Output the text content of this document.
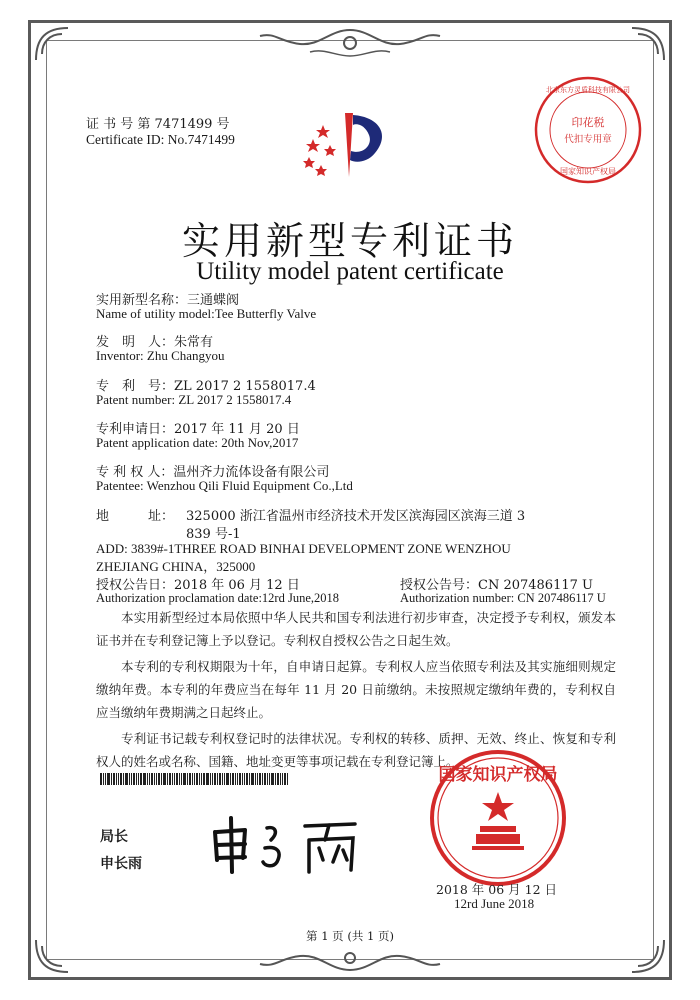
证 书 号 第 7471499 号
Certificate ID: No.7471499
印花税
代扣专用章
北京东方灵盾科技有限公司
国家知识产权局
实用新型专利证书
Utility model patent certificate
实用新型名称：三通蝶阀
Name of utility model:Tee Butterfly Valve
发　明　人：朱常有
Inventor: Zhu Changyou
专　利　号：ZL 2017 2 1558017.4
Patent number: ZL 2017 2 1558017.4
专利申请日：2017 年 11 月 20 日
Patent application date: 20th Nov,2017
专 利 权 人：温州齐力流体设备有限公司
Patentee: Wenzhou Qili Fluid Equipment Co.,Ltd
地　　　址： 325000 浙江省温州市经济技术开发区滨海园区滨海三道 3
839 号-1
ADD: 3839#-1THREE ROAD BINHAI DEVELOPMENT ZONE WENZHOU
ZHEJIANG CHINA，325000
授权公告日：2018 年 06 月 12 日	授权公告号：CN 207486117 U
Authorization proclamation date:12rd June,2018	Authorization number: CN 207486117 U

本实用新型经过本局依照中华人民共和国专利法进行初步审查，决定授予专利权，颁发本证书并在专利登记簿上予以登记。专利权自授权公告之日起生效。

本专利的专利权期限为十年，自申请日起算。专利权人应当依照专利法及其实施细则规定缴纳年费。本专利的年费应当在每年 11 月 20 日前缴纳。未按照规定缴纳年费的，专利权自应当缴纳年费期满之日起终止。

专利证书记载专利权登记时的法律状况。专利权的转移、质押、无效、终止、恢复和专利权人的姓名或名称、国籍、地址变更等事项记载在专利登记簿上。

局长
申长雨
国家知识产权局
2018 年 06 月 12 日
12rd June 2018
第 1 页 (共 1 页)
